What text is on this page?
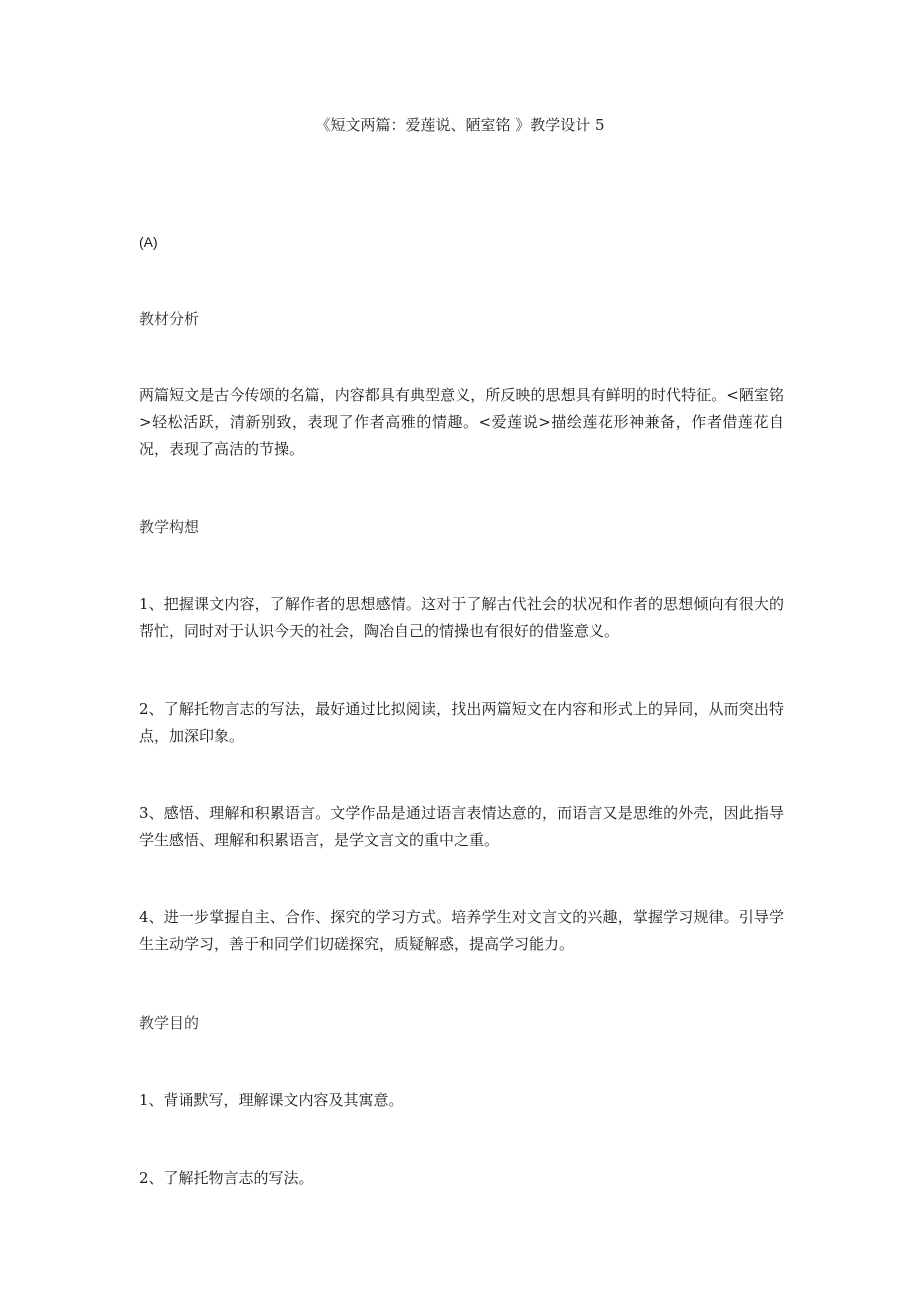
《短文两篇：爱莲说、陋室铭 》教学设计 5
(A)
教材分析
两篇短文是古今传颂的名篇，内容都具有典型意义，所反映的思想具有鲜明的时代特征。<陋室铭>轻松活跃，清新别致，表现了作者高雅的情趣。<爱莲说>描绘莲花形神兼备，作者借莲花自况，表现了高洁的节操。
教学构想
1、把握课文内容，了解作者的思想感情。这对于了解古代社会的状况和作者的思想倾向有很大的帮忙，同时对于认识今天的社会，陶冶自己的情操也有很好的借鉴意义。
2、了解托物言志的写法，最好通过比拟阅读，找出两篇短文在内容和形式上的异同，从而突出特点，加深印象。
3、感悟、理解和积累语言。文学作品是通过语言表情达意的，而语言又是思维的外壳，因此指导学生感悟、理解和积累语言，是学文言文的重中之重。
4、进一步掌握自主、合作、探究的学习方式。培养学生对文言文的兴趣，掌握学习规律。引导学生主动学习，善于和同学们切磋探究，质疑解惑，提高学习能力。
教学目的
1、背诵默写，理解课文内容及其寓意。
2、了解托物言志的写法。
